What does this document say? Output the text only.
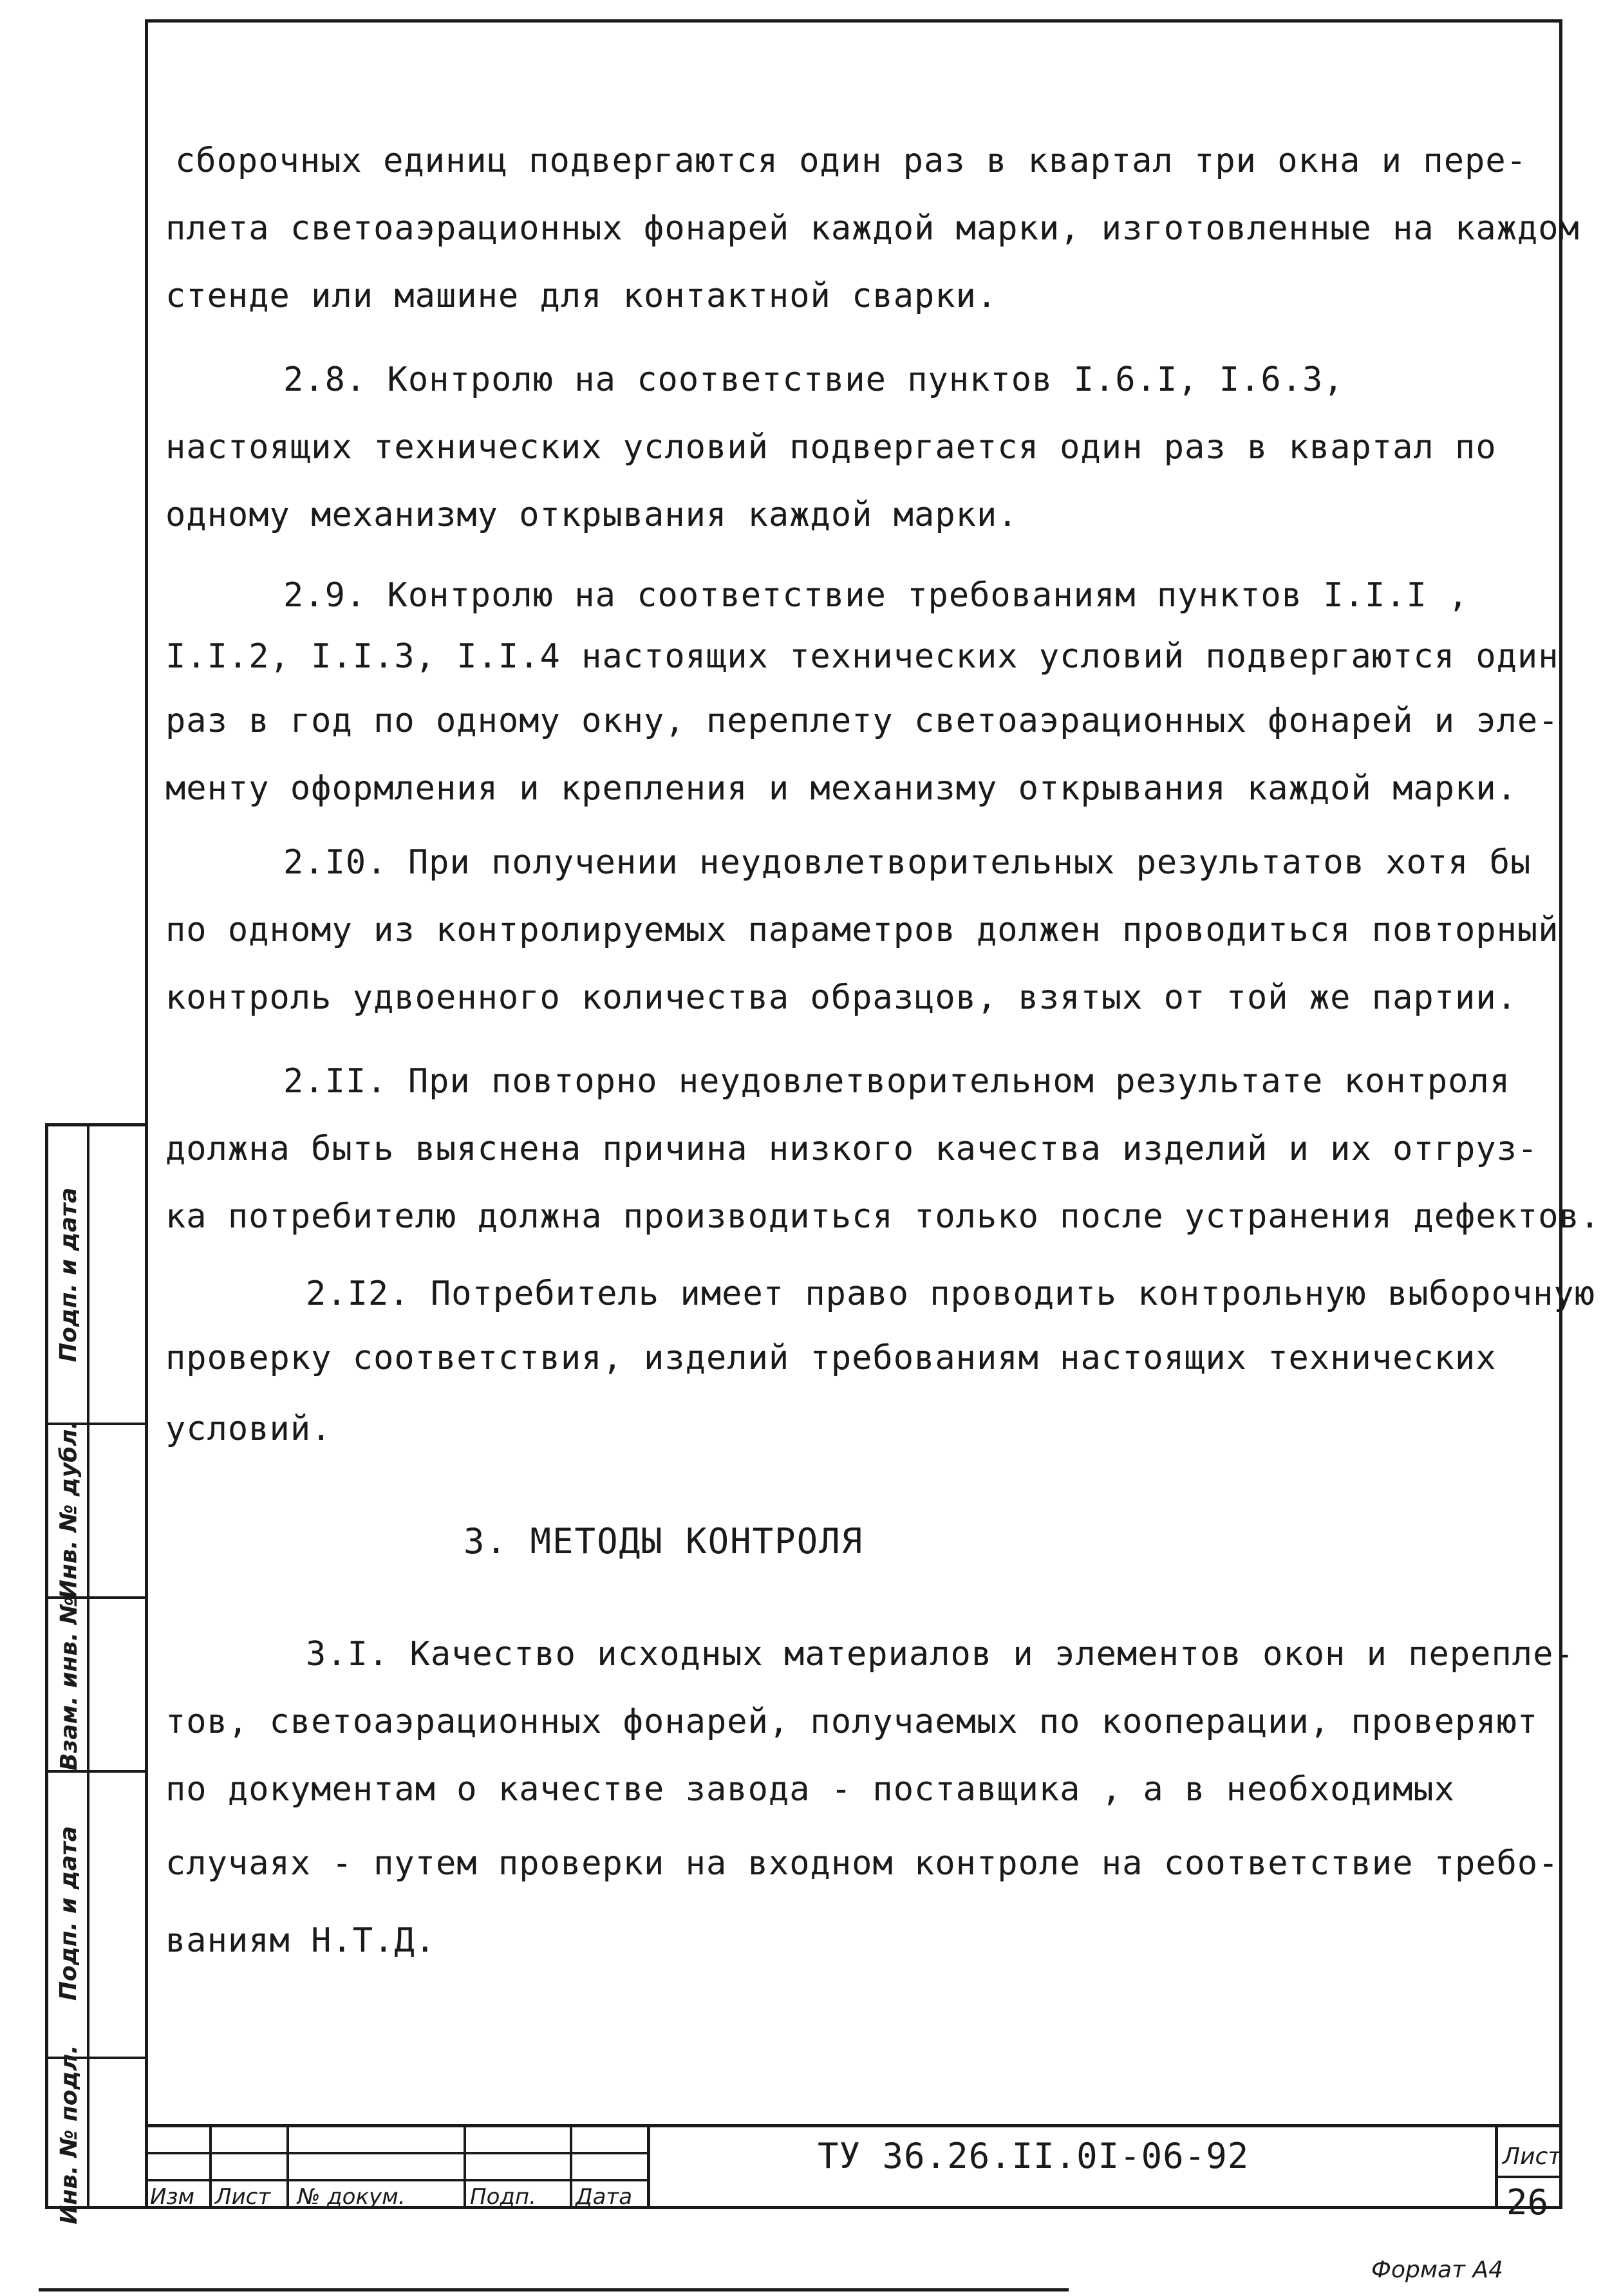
сборочных единиц подвергаются один раз в квартал три окна и пере-
плета светоаэрационных фонарей каждой марки, изготовленные на каждом
стенде или машине для контактной сварки.
2.8. Контролю на соответствие пунктов I.6.I, I.6.3,
настоящих технических условий подвергается один раз в квартал по
одному механизму открывания каждой марки.
2.9. Контролю на соответствие требованиям пунктов I.I.I ,
I.I.2, I.I.3, I.I.4 настоящих технических условий подвергаются один
раз в год по одному окну, переплету светоаэрационных фонарей и эле-
менту оформления и крепления и механизму открывания каждой марки.
2.I0. При получении неудовлетворительных результатов хотя бы
по одному из контролируемых параметров должен проводиться повторный
контроль удвоенного количества образцов, взятых от той же партии.
2.II. При повторно неудовлетворительном результате контроля
должна быть выяснена причина низкого качества изделий и их отгруз-
ка потребителю должна производиться только после устранения дефектов.
2.I2. Потребитель имеет право проводить контрольную выборочную
проверку соответствия, изделий требованиям настоящих технических
условий.
3. МЕТОДЫ КОНТРОЛЯ
3.I. Качество исходных материалов и элементов окон и перепле-
тов, светоаэрационных фонарей, получаемых по кооперации, проверяют
по документам о качестве завода - поставщика , а в необходимых
случаях - путем проверки на входном контроле на соответствие требо-
ваниям Н.Т.Д.
Подп. и дата
Инв. № дубл.
Взам. инв. №
Подп. и дата
Инв. № подл.	Изм Лист № докум.	Подп. Дата
ТУ 36.26.II.0I-06-92	Лист
26
Формат А4
